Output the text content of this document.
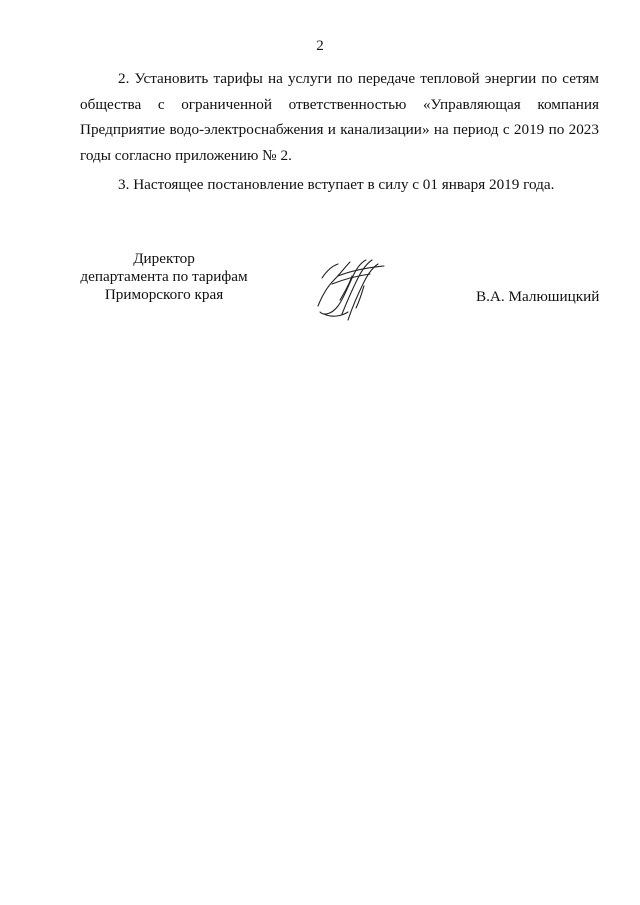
2

2. Установить тарифы на услуги по передаче тепловой энергии по сетям общества с ограниченной ответственностью «Управляющая компания Предприятие водо-электроснабжения и канализации» на период с 2019 по 2023 годы согласно приложению № 2.

3. Настоящее постановление вступает в силу с 01 января 2019 года.

Директор
департамента по тарифам
Приморского края	В.А. Малюшицкий
